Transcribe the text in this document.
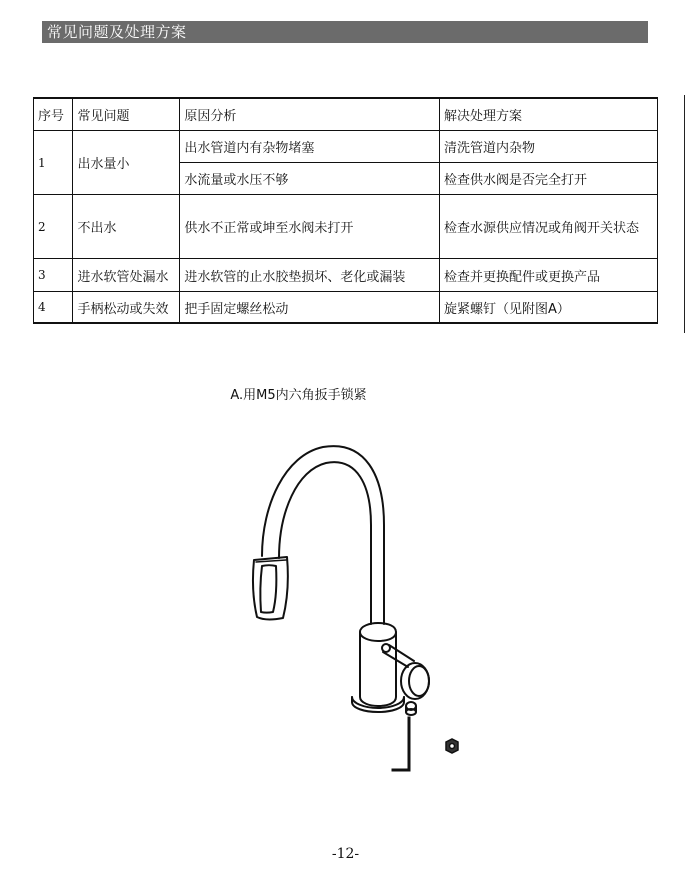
常见问题及处理方案
序号	常见问题	原因分析	解决处理方案
1	出水量小	出水管道内有杂物堵塞	清洗管道内杂物
		水流量或水压不够	检查供水阀是否完全打开
2	不出水	供水不正常或坤至水阀未打开	检查水源供应情况或角阀开关状态
3	进水软管处漏水	进水软管的止水胶垫损坏、老化或漏装	检查并更换配件或更换产品
4	手柄松动或失效	把手固定螺丝松动	旋紧螺钉（见附图A）
A.用M5内六角扳手锁紧
-12-
